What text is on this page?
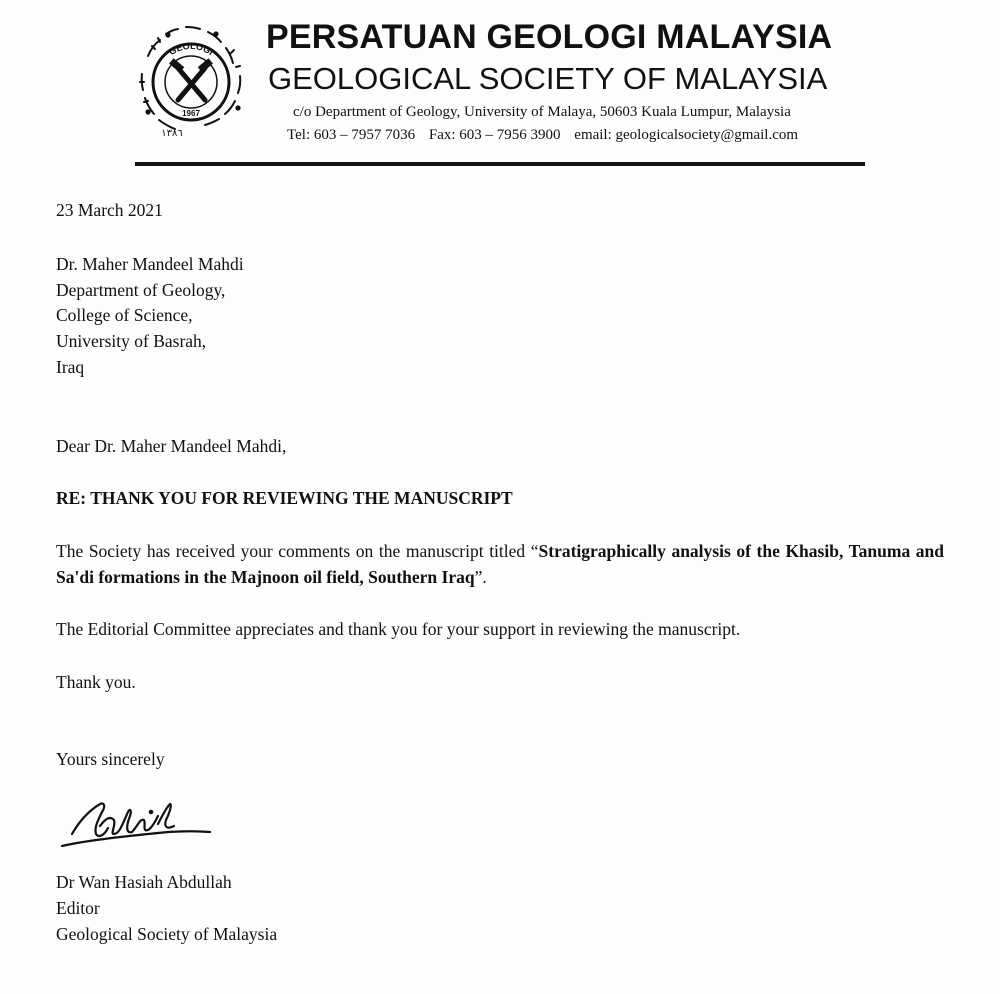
GEOLOGI
1967
١٣٨٦
PERSATUAN GEOLOGI MALAYSIA
GEOLOGICAL SOCIETY OF MALAYSIA
c/o Department of Geology, University of Malaya, 50603 Kuala Lumpur, Malaysia
Tel: 603 – 7957 7036 Fax: 603 – 7956 3900 email: geologicalsociety@gmail.com
23 March 2021
Dr. Maher Mandeel Mahdi
Department of Geology,
College of Science,
University of Basrah,
Iraq
Dear Dr. Maher Mandeel Mahdi,
RE: THANK YOU FOR REVIEWING THE MANUSCRIPT
The Society has received your comments on the manuscript titled “Stratigraphically analysis of the Khasib, Tanuma and Sa'di formations in the Majnoon oil field, Southern Iraq”.
The Editorial Committee appreciates and thank you for your support in reviewing the manuscript.
Thank you.
Yours sincerely
Dr Wan Hasiah Abdullah
Editor
Geological Society of Malaysia
